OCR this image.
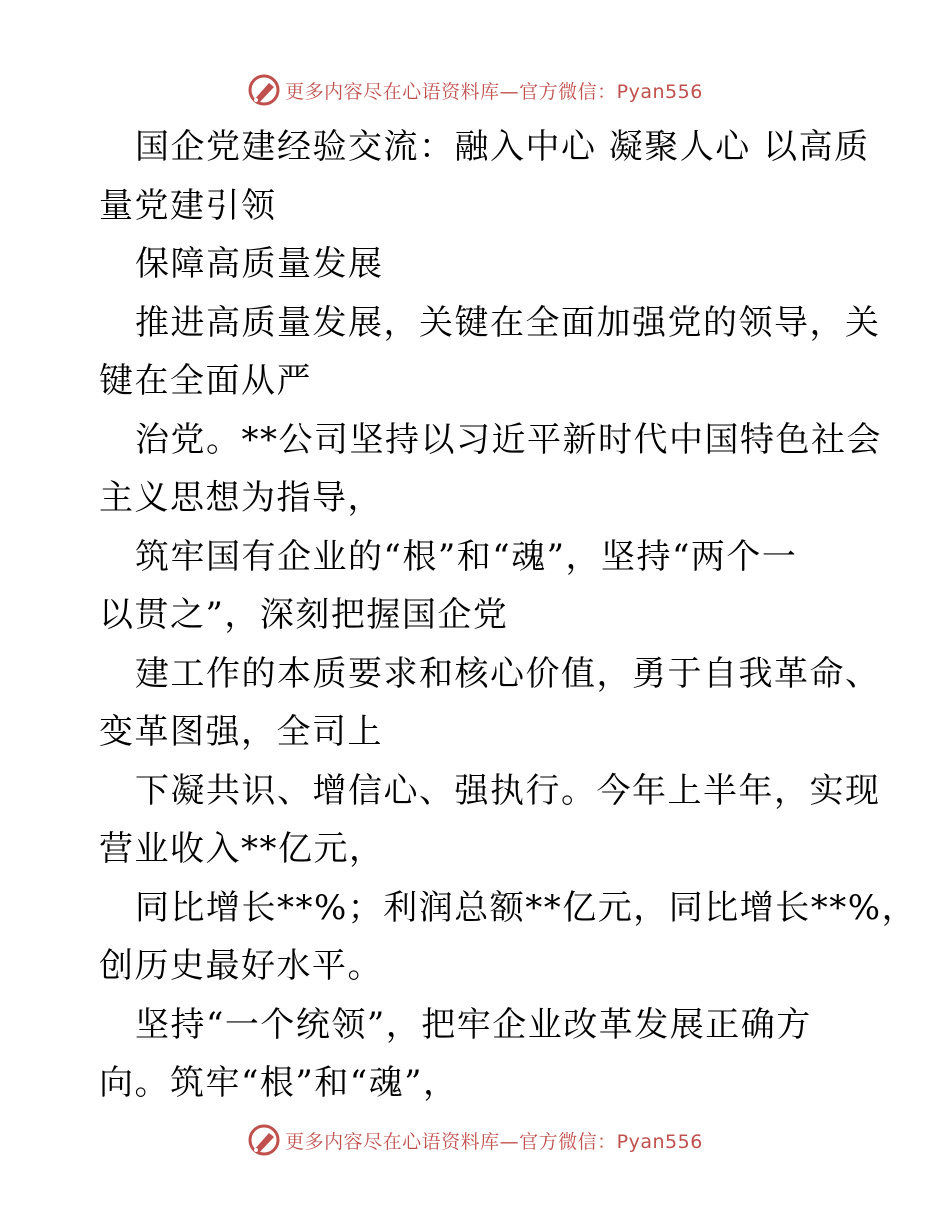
更多内容尽在心语资料库—官方微信：Pyan556
国企党建经验交流：融入中心 凝聚人心 以高质
量党建引领
保障高质量发展
推进高质量发展，关键在全面加强党的领导，关
键在全面从严
治党。**公司坚持以习近平新时代中国特色社会
主义思想为指导，
筑牢国有企业的“根”和“魂”，坚持“两个一
以贯之”，深刻把握国企党
建工作的本质要求和核心价值，勇于自我革命、
变革图强，全司上
下凝共识、增信心、强执行。今年上半年，实现
营业收入**亿元，
同比增长**%；利润总额**亿元，同比增长**%，
创历史最好水平。
坚持“一个统领”，把牢企业改革发展正确方
向。筑牢“根”和“魂”，
更多内容尽在心语资料库—官方微信：Pyan556
